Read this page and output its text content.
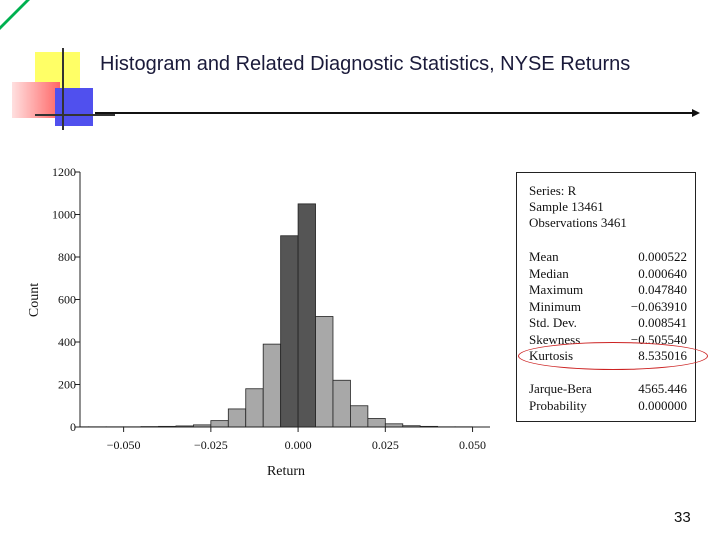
Histogram and Related Diagnostic Statistics, NYSE Returns
0
200
400
600
800
1000
1200
−0.050	−0.025	0.000	0.025	0.050
Count
Return
Series: R
Sample 13461
Observations 3461
Mean	0.000522
Median	0.000640
Maximum	0.047840
Minimum	−0.063910
Std. Dev.	0.008541
Skewness	−0.505540
Kurtosis	8.535016
Jarque-Bera	4565.446
Probability	0.000000
33
